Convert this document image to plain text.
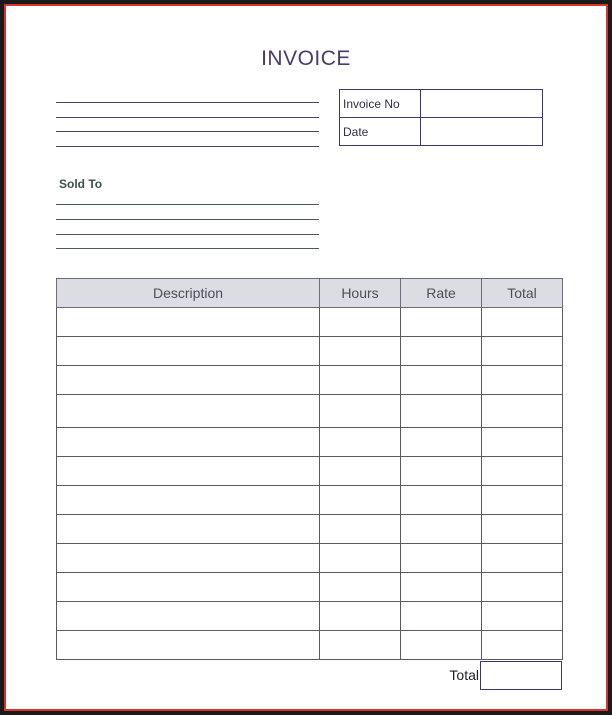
INVOICE
Invoice No	
Date	
Sold To
Description	Hours	Rate	Total

Total
